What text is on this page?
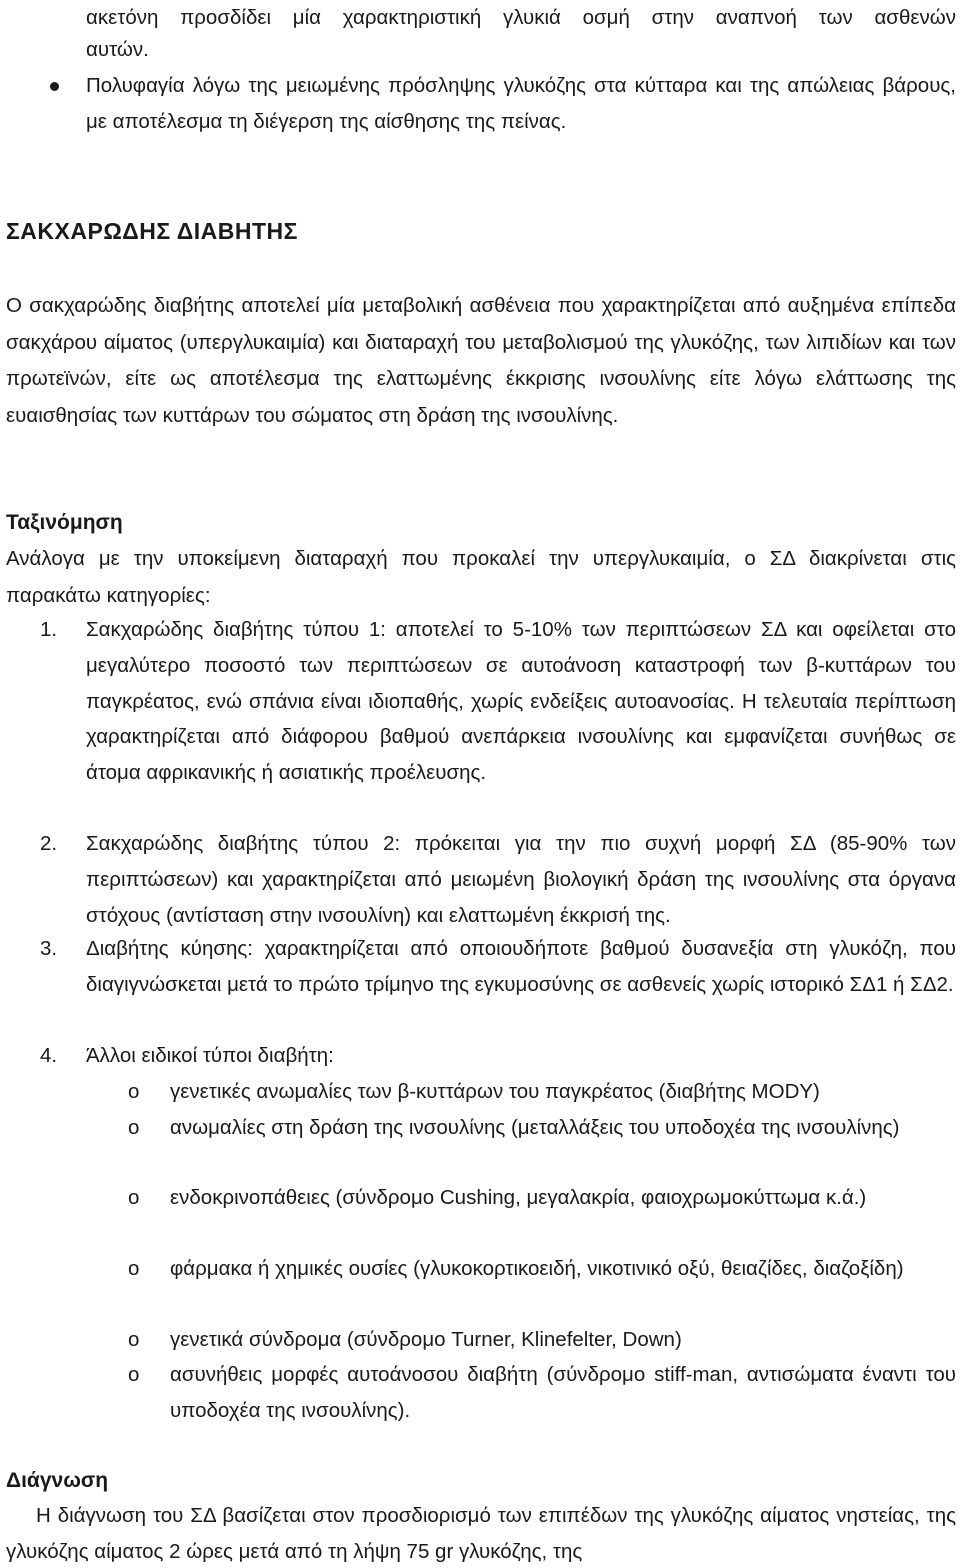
ακετόνη προσδίδει μία χαρακτηριστική γλυκιά οσμή στην αναπνοή των ασθενών
αυτών.

Πολυφαγία λόγω της μειωμένης πρόσληψης γλυκόζης στα κύτταρα και της απώλειας βάρους, με αποτέλεσμα τη διέγερση της αίσθησης της πείνας.

ΣΑΚΧΑΡΩΔΗΣ ΔΙΑΒΗΤΗΣ

Ο σακχαρώδης διαβήτης αποτελεί μία μεταβολική ασθένεια που χαρακτηρίζεται από αυξημένα επίπεδα σακχάρου αίματος (υπεργλυκαιμία) και διαταραχή του μεταβολισμού της γλυκόζης, των λιπιδίων και των πρωτεϊνών, είτε ως αποτέλεσμα της ελαττωμένης έκκρισης ινσουλίνης είτε λόγω ελάττωσης της ευαισθησίας των κυττάρων του σώματος στη δράση της ινσουλίνης.

Ταξινόμηση

Ανάλογα με την υποκείμενη διαταραχή που προκαλεί την υπεργλυκαιμία, ο ΣΔ διακρίνεται στις παρακάτω κατηγορίες:

1.	Σακχαρώδης διαβήτης τύπου 1: αποτελεί το 5-10% των περιπτώσεων ΣΔ και οφείλεται στο μεγαλύτερο ποσοστό των περιπτώσεων σε αυτοάνοση καταστροφή των β-κυττάρων του παγκρέατος, ενώ σπάνια είναι ιδιοπαθής, χωρίς ενδείξεις αυτοανοσίας. Η τελευταία περίπτωση χαρακτηρίζεται από διάφορου βαθμού ανεπάρκεια ινσουλίνης και εμφανίζεται συνήθως σε άτομα αφρικανικής ή ασιατικής προέλευσης.

2.	Σακχαρώδης διαβήτης τύπου 2: πρόκειται για την πιο συχνή μορφή ΣΔ (85-90% των περιπτώσεων) και χαρακτηρίζεται από μειωμένη βιολογική δράση της ινσουλίνης στα όργανα στόχους (αντίσταση στην ινσουλίνη) και ελαττωμένη έκκρισή της.

3.	Διαβήτης κύησης: χαρακτηρίζεται από οποιουδήποτε βαθμού δυσανεξία στη γλυκόζη, που διαγιγνώσκεται μετά το πρώτο τρίμηνο της εγκυμοσύνης σε ασθενείς χωρίς ιστορικό ΣΔ1 ή ΣΔ2.

4.	Άλλοι ειδικοί τύποι διαβήτη:

o	γενετικές ανωμαλίες των β-κυττάρων του παγκρέατος (διαβήτης MODY)

o	ανωμαλίες στη δράση της ινσουλίνης (μεταλλάξεις του υποδοχέα της ινσουλίνης)

o	ενδοκρινοπάθειες (σύνδρομο Cushing, μεγαλακρία, φαιοχρωμοκύττωμα κ.ά.)

o	φάρμακα ή χημικές ουσίες (γλυκοκορτικοειδή, νικοτινικό οξύ, θειαζίδες, διαζοξίδη)

o	γενετικά σύνδρομα (σύνδρομο Turner, Klinefelter, Down)

o	ασυνήθεις μορφές αυτοάνοσου διαβήτη (σύνδρομο stiff-man, αντισώματα έναντι του υποδοχέα της ινσουλίνης).

Διάγνωση

Η διάγνωση του ΣΔ βασίζεται στον προσδιορισμό των επιπέδων της γλυκόζης αίματος νηστείας, της γλυκόζης αίματος 2 ώρες μετά από τη λήψη 75 gr γλυκόζης, της
